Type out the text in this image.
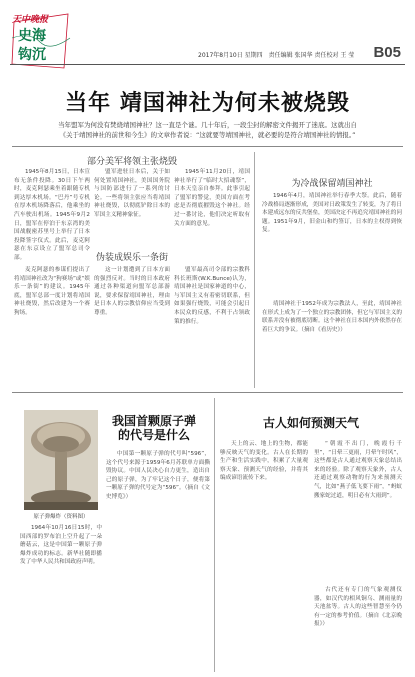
天中晚报
史海
钩沉	2017年8月10日 星期四　责任编辑 张国华 责任校对 王 莹 B05
当年 靖国神社为何未被烧毁
当年盟军为何没有焚烧靖国神社？这一直是个谜。几十年后，一段尘封的解密文件揭开了迷底。这就出自《关于靖国神社的前世和今生》的文章作者说：“这就要等靖国神社，就必要的是符合靖国神社的情报。”
部分美军将领主张烧毁

1945年8月15日，日本宣布无条件投降。30日下午两时，麦克阿瑟乘坐着跟随专机到达厚木机场。“巴丹”号专机在厚木机场降落后，他乘坐的汽车驶出机场。1945年9月2日，盟军在停泊于东京湾的美国战舰密苏里号上举行了日本投降签字仪式。此后，麦克阿瑟在东京设立了盟军总司令部。

盟军进驻日本后，关于如何处置靖国神社，美国国务院与国防部进行了一系列的讨论。一些将领主张应当将靖国神社烧毁，以彻底铲除日本的军国主义精神象征。

1945年11月20日，靖国神社举行了“临时大招魂祭”，日本天皇亲自参拜。此事引起了盟军的警觉，美国方面在考虑是否彻底摧毁这个神社。经过一番讨论，他们决定听取有关方面的意见。

伪装成娱乐一条街

麦克阿瑟的参谋们提出了将靖国神社改为“狗赛场”或“娱乐一条街”的建议。1945年底，盟军总部一度计划将靖国神社烧毁，然后改建为一个赛狗场。

这一计划遭到了日本方面的强烈反对。当时的日本政府通过各种渠道向盟军总部游说，要求保留靖国神社，理由是日本人的宗教信仰应当受到尊重。

盟军最高司令部的宗教科科长班斯(W.K.Bunce)认为，靖国神社是国家神道的中心，与军国主义有着密切联系，但如果强行烧毁，可能会引起日本民众的反感，不利于占领政策的推行。

为冷战保留靖国神社

1946年4月，靖国神社举行春季大祭。此后，随着冷战格局逐渐形成，美国对日政策发生了转变，为了将日本建成远东的反共堡垒，美国决定不再追究靖国神社的问题。1951年9月，旧金山和约签订，日本的主权得到恢复。

靖国神社于1952年成为宗教法人，至此，靖国神社在形式上成为了一个独立的宗教团体，但它与军国主义的联系并没有被彻底切断。这个神社在日本国内外依然存在着巨大的争议。（摘自《看历史》）

我国首颗原子弹
的代号是什么
原子弹爆炸（资料图）

1964年10月16日15时，中国西部的罗布泊上空升起了一朵蘑菇云，这是中国第一颗原子弹爆炸成功的标志。新华社随即播发了中华人民共和国政府声明。

中国第一颗原子弹的代号叫“596”，这个代号来源于1959年6月苏联单方面撕毁协议。中国人民决心自力更生，造出自己的原子弹，为了牢记这个日子，便将第一颗原子弹的代号定为“596”。（摘自《文史博览》）

古人如何预测天气

天上的云、地上的生物，都能够反映天气的变化。古人在长期的生产和生活实践中，积累了大量观察天象、预测天气的经验，并将其编成谚语流传下来。

“朝霞不出门，晚霞行千里”，“日晕三更雨，月晕午时风”，这些都是古人通过观察天象总结出来的经验。除了观察天象外，古人还通过观察动物的行为来预测天气，比如“燕子低飞要下雨”，“蚂蚁搬家蛇过道，明日必有大雨到”。

古代还有专门的气象观测仪器，如汉代的相风铜乌、测雨量的天池盆等。古人的这些智慧至今仍有一定的参考价值。（摘自《北京晚报》）
